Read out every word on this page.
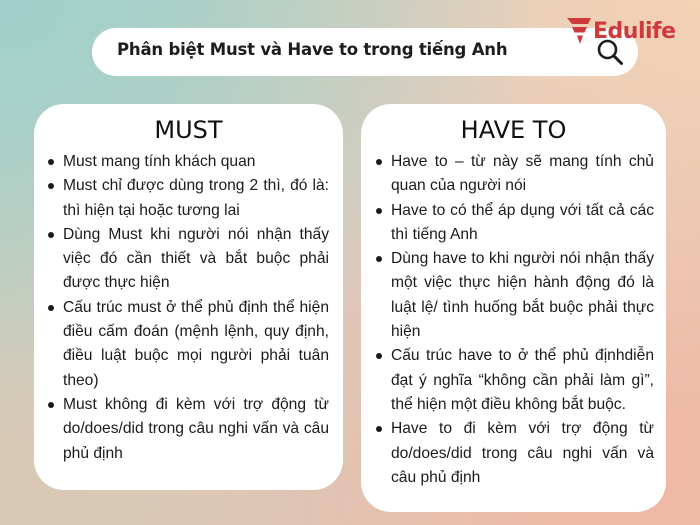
Phân biệt Must và Have to trong tiếng Anh
Edulife
MUST
Must mang tính khách quan
Must chỉ được dùng trong 2 thì, đó là: thì hiện tại hoặc tương lai
Dùng Must khi người nói nhận thấy việc đó cần thiết và bắt buộc phải được thực hiện
Cấu trúc must ở thể phủ định thể hiện điều cấm đoán (mệnh lệnh, quy định, điều luật buộc mọi người phải tuân theo)
Must không đi kèm với trợ động từ do/does/did trong câu nghi vấn và câu phủ định
HAVE TO
Have to – từ này sẽ mang tính chủ quan của người nói
Have to có thể áp dụng với tất cả các thì tiếng Anh
Dùng have to khi người nói nhận thấy một việc thực hiện hành động đó là luật lệ/ tình huống bắt buộc phải thực hiện
Cấu trúc have to ở thể phủ địnhdiễn đạt ý nghĩa “không cần phải làm gì”, thể hiện một điều không bắt buộc.
Have to đi kèm với trợ động từ do/does/did trong câu nghi vấn và câu phủ định
